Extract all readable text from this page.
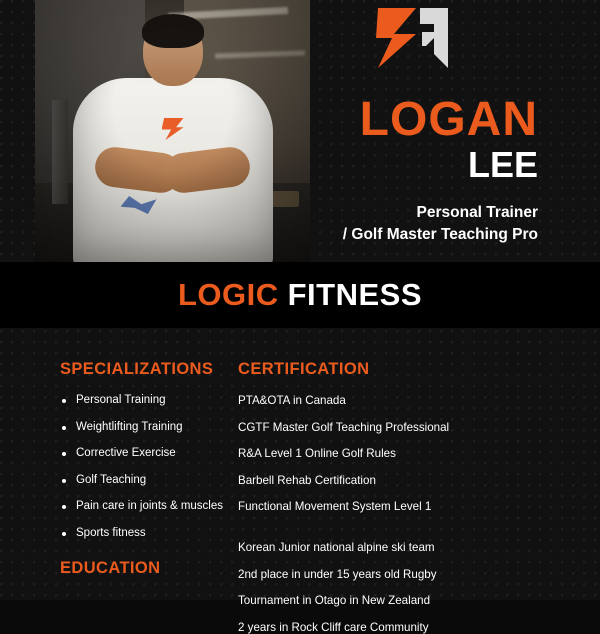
LOGAN
LEE
Personal Trainer
/ Golf Master Teaching Pro
LOGIC FITNESS
SPECIALIZATIONS
Personal Training
Weightlifting Training
Corrective Exercise
Golf Teaching
Pain care in joints & muscles
Sports fitness
EDUCATION
CERTIFICATION

PTA&OTA in Canada

CGTF Master Golf Teaching Professional

R&A Level 1 Online Golf Rules

Barbell Rehab Certification

Functional Movement System Level 1

Korean Junior national alpine ski team

2nd place in under 15 years old Rugby

Tournament in Otago in New Zealand

2 years in Rock Cliff care Community
